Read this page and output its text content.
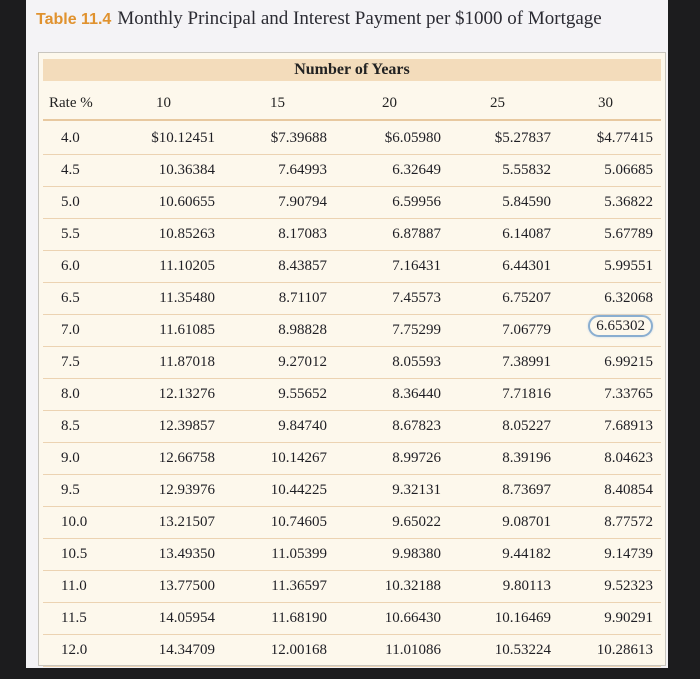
Table 11.4 Monthly Principal and Interest Payment per $1000 of Mortgage
Number of Years
Rate %	10	15	20	25	30
4.0	$10.12451	$7.39688	$6.05980	$5.27837	$4.77415
4.5	10.36384	7.64993	6.32649	5.55832	5.06685
5.0	10.60655	7.90794	6.59956	5.84590	5.36822
5.5	10.85263	8.17083	6.87887	6.14087	5.67789
6.0	11.10205	8.43857	7.16431	6.44301	5.99551
6.5	11.35480	8.71107	7.45573	6.75207	6.32068
7.0	11.61085	8.98828	7.75299	7.06779	6.65302
7.5	11.87018	9.27012	8.05593	7.38991	6.99215
8.0	12.13276	9.55652	8.36440	7.71816	7.33765
8.5	12.39857	9.84740	8.67823	8.05227	7.68913
9.0	12.66758	10.14267	8.99726	8.39196	8.04623
9.5	12.93976	10.44225	9.32131	8.73697	8.40854
10.0	13.21507	10.74605	9.65022	9.08701	8.77572
10.5	13.49350	11.05399	9.98380	9.44182	9.14739
11.0	13.77500	11.36597	10.32188	9.80113	9.52323
11.5	14.05954	11.68190	10.66430	10.16469	9.90291
12.0	14.34709	12.00168	11.01086	10.53224	10.28613
